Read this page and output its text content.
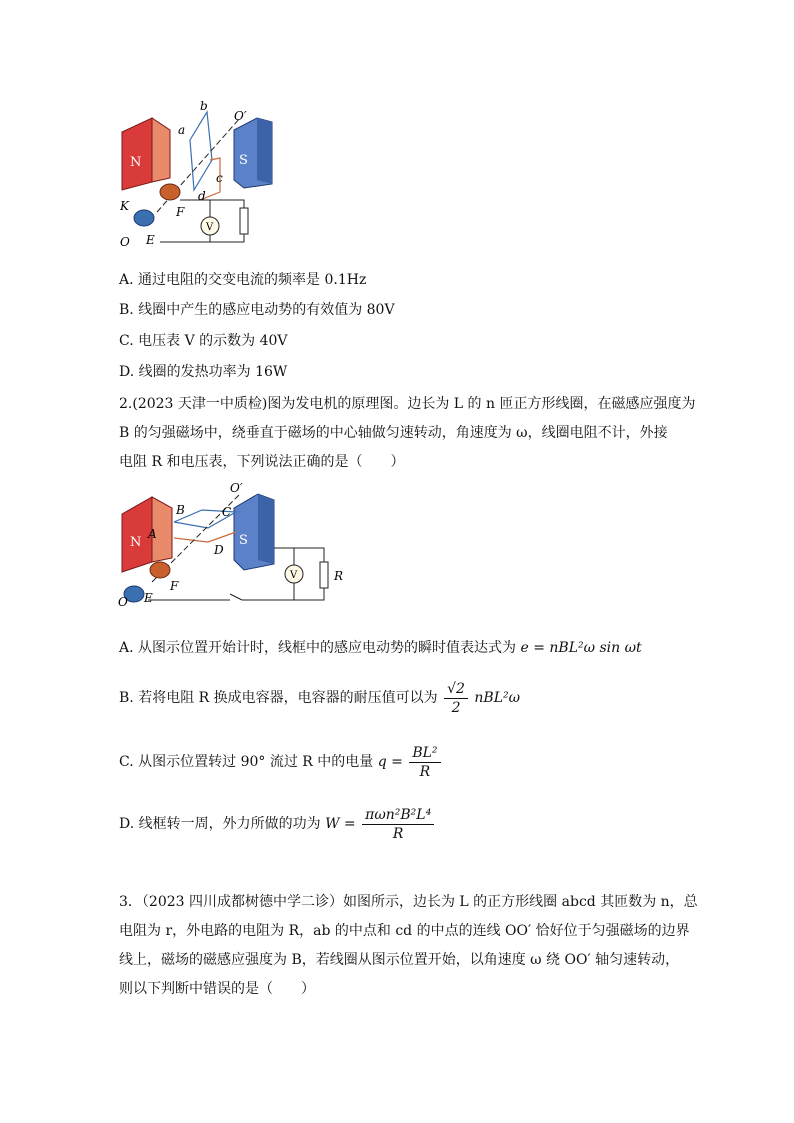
N	S
V
b
a
c
d
O′
K	F
E
O
A. 通过电阻的交变电流的频率是 0.1Hz
B. 线圈中产生的感应电动势的有效值为 80V
C. 电压表 V 的示数为 40V
D. 线圈的发热功率为 16W
2.(2023 天津一中质检)图为发电机的原理图。边长为 L 的 n 匝正方形线圈，在磁感应强度为
B 的匀强磁场中，绕垂直于磁场的中心轴做匀速转动，角速度为 ω，线圈电阻不计，外接
电阻 R 和电压表，下列说法正确的是（　　）
N	S
V	R
B
A
C
D
O′
F
E
O
A. 从图示位置开始计时，线框中的感应电动势的瞬时值表达式为 e = nBL²ω sin ωt
B. 若将电阻 R 换成电容器，电容器的耐压值可以为 $\frac{√2}{2} nBL^2\omega$
C. 从图示位置转过 90° 流过 R 中的电量 $q = \frac{\text{BL²}}{R}$
D. 线框转一周，外力所做的功为 $W = \frac{\text{πωn²B²L⁴}}{R}$
3．（2023 四川成都树德中学二诊）如图所示，边长为 L 的正方形线圈 abcd 其匝数为 n，总
电阻为 r，外电路的电阻为 R，ab 的中点和 cd 的中点的连线 OO′ 恰好位于匀强磁场的边界
线上，磁场的磁感应强度为 B，若线圈从图示位置开始，以角速度 ω 绕 OO′ 轴匀速转动，
则以下判断中错误的是（　　）
